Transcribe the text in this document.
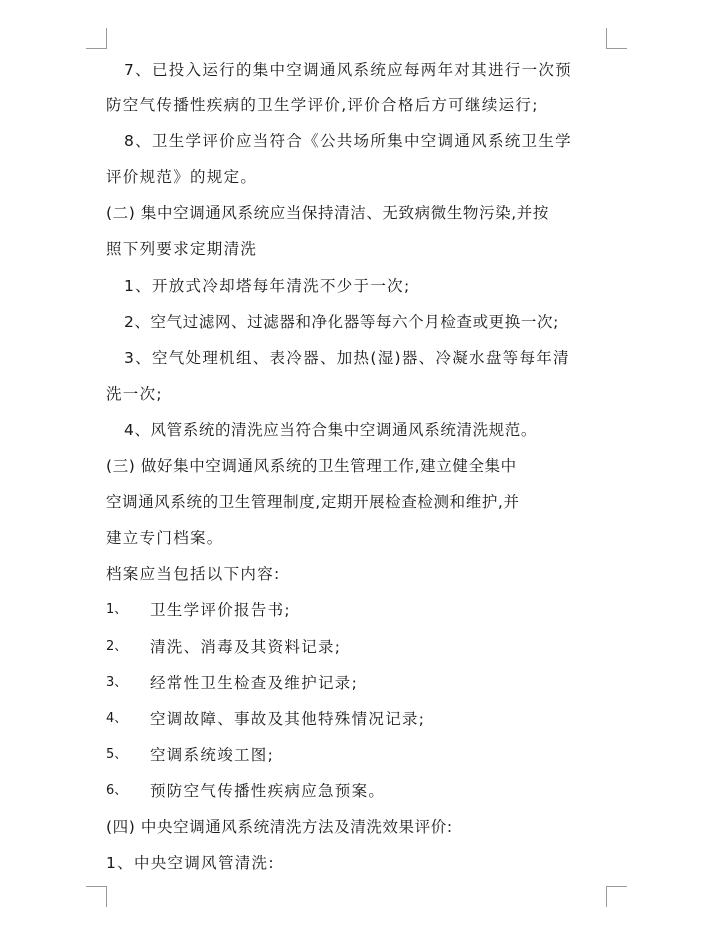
7、已投入运行的集中空调通风系统应每两年对其进行一次预
防空气传播性疾病的卫生学评价,评价合格后方可继续运行;
8、卫生学评价应当符合《公共场所集中空调通风系统卫生学
评价规范》的规定。
(二) 集中空调通风系统应当保持清洁、无致病微生物污染,并按
照下列要求定期清洗
1、开放式冷却塔每年清洗不少于一次;
2、空气过滤网、过滤器和净化器等每六个月检查或更换一次;
3、空气处理机组、表冷器、加热(湿)器、冷凝水盘等每年清
洗一次;
4、风管系统的清洗应当符合集中空调通风系统清洗规范。
(三) 做好集中空调通风系统的卫生管理工作,建立健全集中
空调通风系统的卫生管理制度,定期开展检查检测和维护,并
建立专门档案。
档案应当包括以下内容:
1、 卫生学评价报告书;
2、 清洗、消毒及其资料记录;
3、 经常性卫生检查及维护记录;
4、 空调故障、事故及其他特殊情况记录;
5、 空调系统竣工图;
6、 预防空气传播性疾病应急预案。
(四) 中央空调通风系统清洗方法及清洗效果评价:
1、中央空调风管清洗:
